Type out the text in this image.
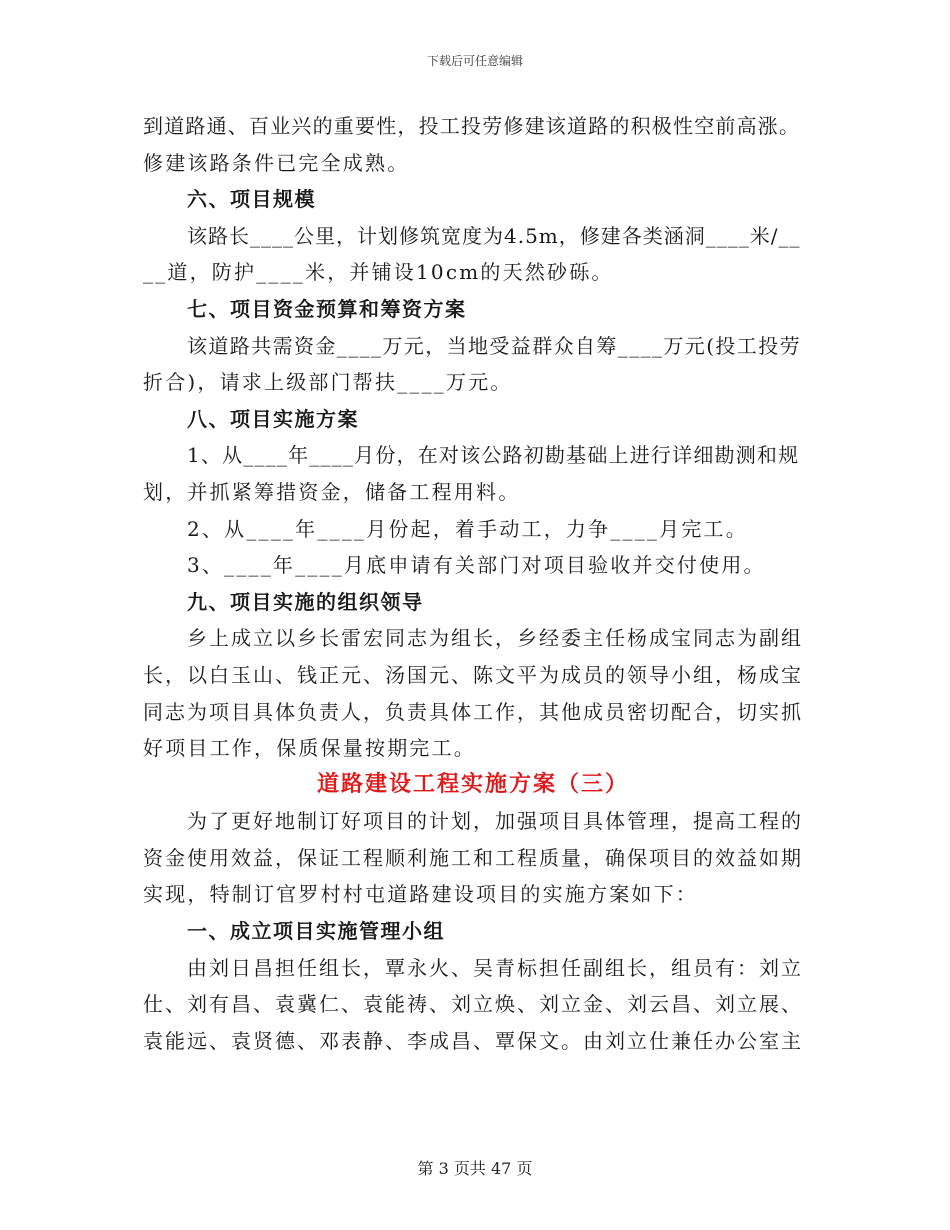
下载后可任意编辑
到道路通、百业兴的重要性，投工投劳修建该道路的积极性空前高涨。
修建该路条件已完全成熟。
六、项目规模
该路长____公里，计划修筑宽度为4.5m，修建各类涵洞____米/__
__道，防护____米，并铺设10cm的天然砂砾。
七、项目资金预算和筹资方案
该道路共需资金____万元，当地受益群众自筹____万元(投工投劳
折合)，请求上级部门帮扶____万元。
八、项目实施方案
1、从____年____月份，在对该公路初勘基础上进行详细勘测和规
划，并抓紧筹措资金，储备工程用料。
2、从____年____月份起，着手动工，力争____月完工。
3、____年____月底申请有关部门对项目验收并交付使用。
九、项目实施的组织领导
乡上成立以乡长雷宏同志为组长，乡经委主任杨成宝同志为副组
长，以白玉山、钱正元、汤国元、陈文平为成员的领导小组，杨成宝
同志为项目具体负责人，负责具体工作，其他成员密切配合，切实抓
好项目工作，保质保量按期完工。
道路建设工程实施方案（三）
为了更好地制订好项目的计划，加强项目具体管理，提高工程的
资金使用效益，保证工程顺利施工和工程质量，确保项目的效益如期
实现，特制订官罗村村屯道路建设项目的实施方案如下：
一、成立项目实施管理小组
由刘日昌担任组长，覃永火、吴青标担任副组长，组员有：刘立
仕、刘有昌、袁冀仁、袁能祷、刘立焕、刘立金、刘云昌、刘立展、
袁能远、袁贤德、邓表静、李成昌、覃保文。由刘立仕兼任办公室主
第 3 页共 47 页
